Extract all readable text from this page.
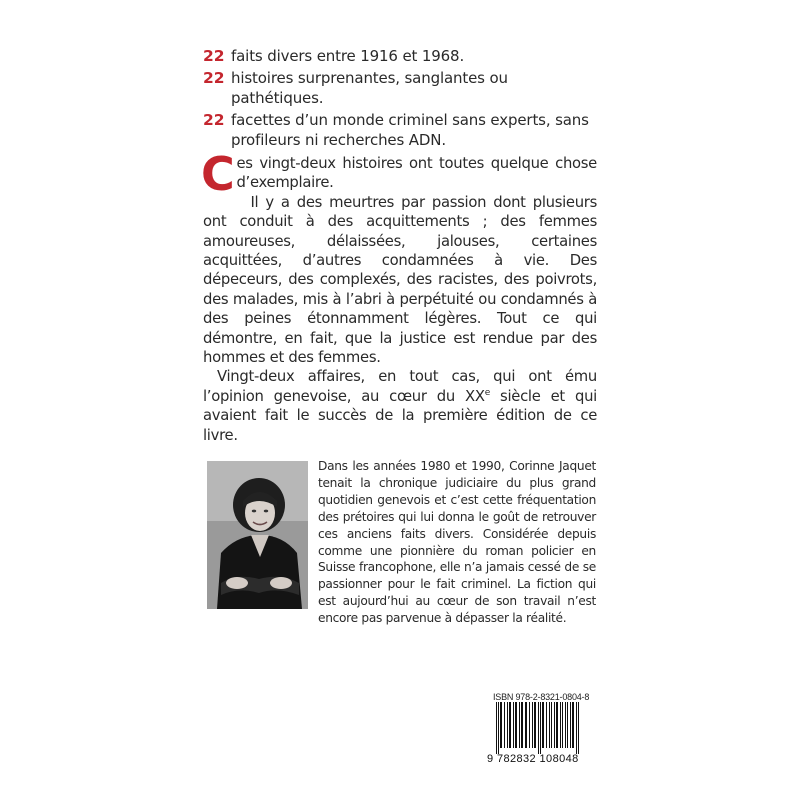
22 faits divers entre 1916 et 1968.
22 histoires surprenantes, sanglantes ou pathétiques.
22 facettes d’un monde criminel sans experts, sans profileurs ni recherches ADN.

Ces vingt-deux histoires ont toutes quelque chose d’exemplaire.

Il y a des meurtres par passion dont plusieurs ont conduit à des acquittements ; des femmes amoureuses, délaissées, jalouses, certaines acquittées, d’autres condamnées à vie. Des dépeceurs, des complexés, des racistes, des poivrots, des malades, mis à l’abri à perpétuité ou condamnés à des peines étonnamment légères. Tout ce qui démontre, en fait, que la justice est rendue par des hommes et des femmes.

Vingt-deux affaires, en tout cas, qui ont ému l’opinion genevoise, au cœur du XXe siècle et qui avaient fait le succès de la première édition de ce livre.

Dans les années 1980 et 1990, Corinne Jaquet tenait la chronique judiciaire du plus grand quotidien genevois et c’est cette fréquentation des prétoires qui lui donna le goût de retrouver ces anciens faits divers. Considérée depuis comme une pionnière du roman policier en Suisse francophone, elle n’a jamais cessé de se passionner pour le fait criminel. La fiction qui est aujourd’hui au cœur de son travail n’est encore pas parvenue à dépasser la réalité.
ISBN 978-2-8321-0804-8
9 782832 108048
